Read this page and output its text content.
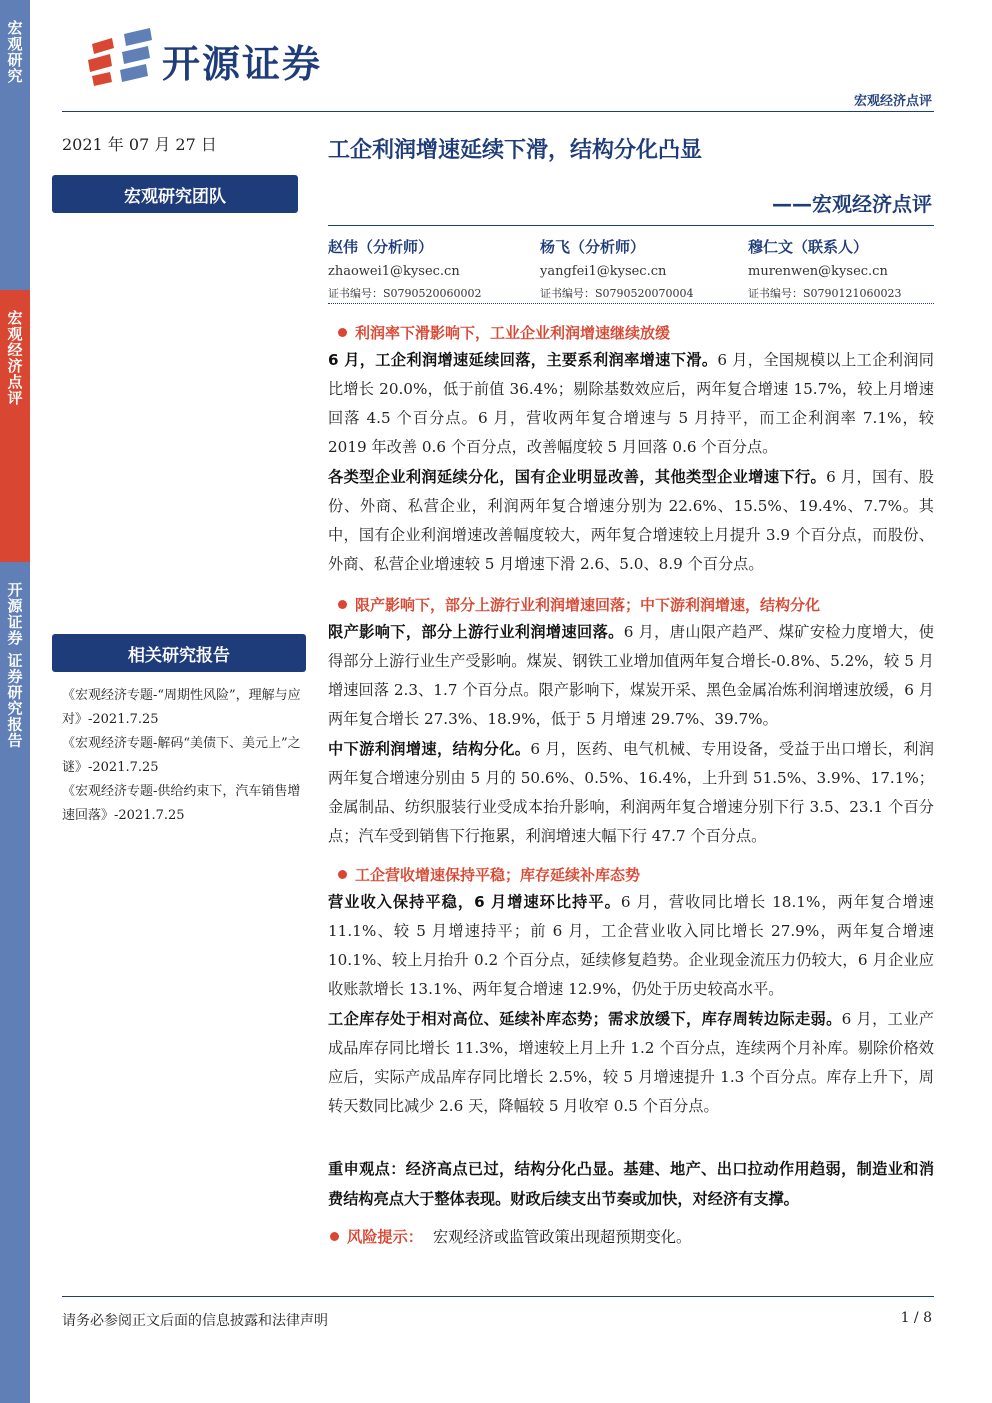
宏观研究
宏观经济点评
开源证券 证券研究报告
开源证券
宏观经济点评
2021 年 07 月 27 日
宏观研究团队
工企利润增速延续下滑，结构分化凸显
——宏观经济点评
赵伟（分析师）
zhaowei1@kysec.cn
证书编号：S0790520060002
杨飞（分析师）
yangfei1@kysec.cn
证书编号：S0790520070004
穆仁文（联系人）
murenwen@kysec.cn
证书编号：S0790121060023
利润率下滑影响下，工业企业利润增速继续放缓
6 月，工企利润增速延续回落，主要系利润率增速下滑。6 月，全国规模以上工企利润同比增长 20.0%，低于前值 36.4%；剔除基数效应后，两年复合增速 15.7%，较上月增速回落 4.5 个百分点。6 月，营收两年复合增速与 5 月持平，而工企利润率 7.1%，较 2019 年改善 0.6 个百分点，改善幅度较 5 月回落 0.6 个百分点。
各类型企业利润延续分化，国有企业明显改善，其他类型企业增速下行。6 月，国有、股份、外商、私营企业，利润两年复合增速分别为 22.6%、15.5%、19.4%、7.7%。其中，国有企业利润增速改善幅度较大，两年复合增速较上月提升 3.9 个百分点，而股份、外商、私营企业增速较 5 月增速下滑 2.6、5.0、8.9 个百分点。
限产影响下，部分上游行业利润增速回落；中下游利润增速，结构分化
限产影响下，部分上游行业利润增速回落。6 月，唐山限产趋严、煤矿安检力度增大，使得部分上游行业生产受影响。煤炭、钢铁工业增加值两年复合增长-0.8%、5.2%，较 5 月增速回落 2.3、1.7 个百分点。限产影响下，煤炭开采、黑色金属冶炼利润增速放缓，6 月两年复合增长 27.3%、18.9%，低于 5 月增速 29.7%、39.7%。
中下游利润增速，结构分化。6 月，医药、电气机械、专用设备，受益于出口增长，利润两年复合增速分别由 5 月的 50.6%、0.5%、16.4%，上升到 51.5%、3.9%、17.1%；金属制品、纺织服装行业受成本抬升影响，利润两年复合增速分别下行 3.5、23.1 个百分点；汽车受到销售下行拖累，利润增速大幅下行 47.7 个百分点。
工企营收增速保持平稳；库存延续补库态势
营业收入保持平稳，6 月增速环比持平。6 月，营收同比增长 18.1%，两年复合增速 11.1%、较 5 月增速持平；前 6 月，工企营业收入同比增长 27.9%，两年复合增速 10.1%、较上月抬升 0.2 个百分点，延续修复趋势。企业现金流压力仍较大，6 月企业应收账款增长 13.1%、两年复合增速 12.9%，仍处于历史较高水平。
工企库存处于相对高位、延续补库态势；需求放缓下，库存周转边际走弱。6 月，工业产成品库存同比增长 11.3%，增速较上月上升 1.2 个百分点，连续两个月补库。剔除价格效应后，实际产成品库存同比增长 2.5%，较 5 月增速提升 1.3 个百分点。库存上升下，周转天数同比减少 2.6 天，降幅较 5 月收窄 0.5 个百分点。
相关研究报告
《宏观经济专题-“周期性风险”，理解与应对》-2021.7.25
《宏观经济专题-解码“美债下、美元上”之谜》-2021.7.25
《宏观经济专题-供给约束下，汽车销售增速回落》-2021.7.25
重申观点：经济高点已过，结构分化凸显。基建、地产、出口拉动作用趋弱，制造业和消费结构亮点大于整体表现。财政后续支出节奏或加快，对经济有支撑。
风险提示： 宏观经济或监管政策出现超预期变化。
请务必参阅正文后面的信息披露和法律声明	1 / 8
